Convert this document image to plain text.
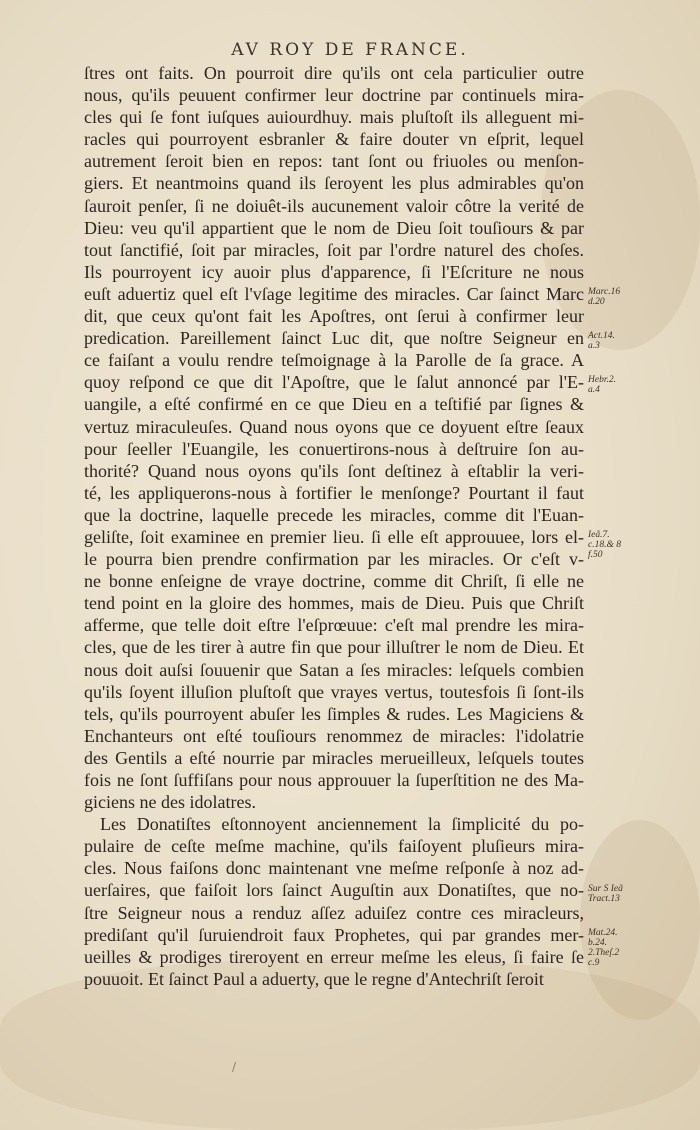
AV ROY DE FRANCE.
ſtres ont faits. On pourroit dire qu'ils ont cela particulier outre
nous, qu'ils peuuent confirmer leur doctrine par continuels mira-
cles qui ſe font iuſques auiourdhuy. mais pluſtoſt ils alleguent mi-
racles qui pourroyent esbranler & faire douter vn eſprit, lequel
autrement ſeroit bien en repos: tant ſont ou friuoles ou menſon-
giers. Et neantmoins quand ils ſeroyent les plus admirables qu'on
ſauroit penſer, ſi ne doiuêt-ils aucunement valoir côtre la verité de
Dieu: veu qu'il appartient que le nom de Dieu ſoit touſiours & par
tout ſanctifié, ſoit par miracles, ſoit par l'ordre naturel des choſes.
Ils pourroyent icy auoir plus d'apparence, ſi l'Eſcriture ne nous
euſt aduertiz quel eſt l'vſage legitime des miracles. Car ſainct Marc
dit, que ceux qu'ont fait les Apoſtres, ont ſerui à confirmer leur
predication. Pareillement ſainct Luc dit, que noſtre Seigneur en
ce faiſant a voulu rendre teſmoignage à la Parolle de ſa grace. A
quoy reſpond ce que dit l'Apoſtre, que le ſalut annoncé par l'E-
uangile, a eſté confirmé en ce que Dieu en a teſtifié par ſignes &
vertuz miraculeuſes. Quand nous oyons que ce doyuent eſtre ſeaux
pour ſeeller l'Euangile, les conuertirons-nous à deſtruire ſon au-
thorité? Quand nous oyons qu'ils ſont deſtinez à eſtablir la veri-
té, les appliquerons-nous à fortifier le menſonge? Pourtant il faut
que la doctrine, laquelle precede les miracles, comme dit l'Euan-
geliſte, ſoit examinee en premier lieu. ſi elle eſt approuuee, lors el-
le pourra bien prendre confirmation par les miracles. Or c'eſt v-
ne bonne enſeigne de vraye doctrine, comme dit Chriſt, ſi elle ne
tend point en la gloire des hommes, mais de Dieu. Puis que Chriſt
afferme, que telle doit eſtre l'eſprœuue: c'eſt mal prendre les mira-
cles, que de les tirer à autre fin que pour illuſtrer le nom de Dieu. Et
nous doit auſsi ſouuenir que Satan a ſes miracles: leſquels combien
qu'ils ſoyent illuſion pluſtoſt que vrayes vertus, toutesfois ſi ſont-ils
tels, qu'ils pourroyent abuſer les ſimples & rudes. Les Magiciens &
Enchanteurs ont eſté touſiours renommez de miracles: l'idolatrie
des Gentils a eſté nourrie par miracles merueilleux, leſquels toutes
fois ne ſont ſuffiſans pour nous approuuer la ſuperſtition ne des Ma-
giciens ne des idolatres.
Les Donatiſtes eſtonnoyent anciennement la ſimplicité du po-
pulaire de ceſte meſme machine, qu'ils faiſoyent pluſieurs mira-
cles. Nous faiſons donc maintenant vne meſme reſponſe à noz ad-
uerſaires, que faiſoit lors ſainct Auguſtin aux Donatiſtes, que no-
ſtre Seigneur nous a renduz aſſez aduiſez contre ces miracleurs,
prediſant qu'il ſuruiendroit faux Prophetes, qui par grandes mer-
ueilles & prodiges tireroyent en erreur meſme les eleus, ſi faire ſe
pouuoit. Et ſainct Paul a aduerty, que le regne d'Antechriſt ſeroit
Marc.16
d.20
Act.14.
a.3
Hebr.2.
a.4
Ieã.7.
c.18.& 8
f.50
Sur S Ieã
Tract.13
Mat.24.
b.24.
2.Theſ.2
c.9
/
